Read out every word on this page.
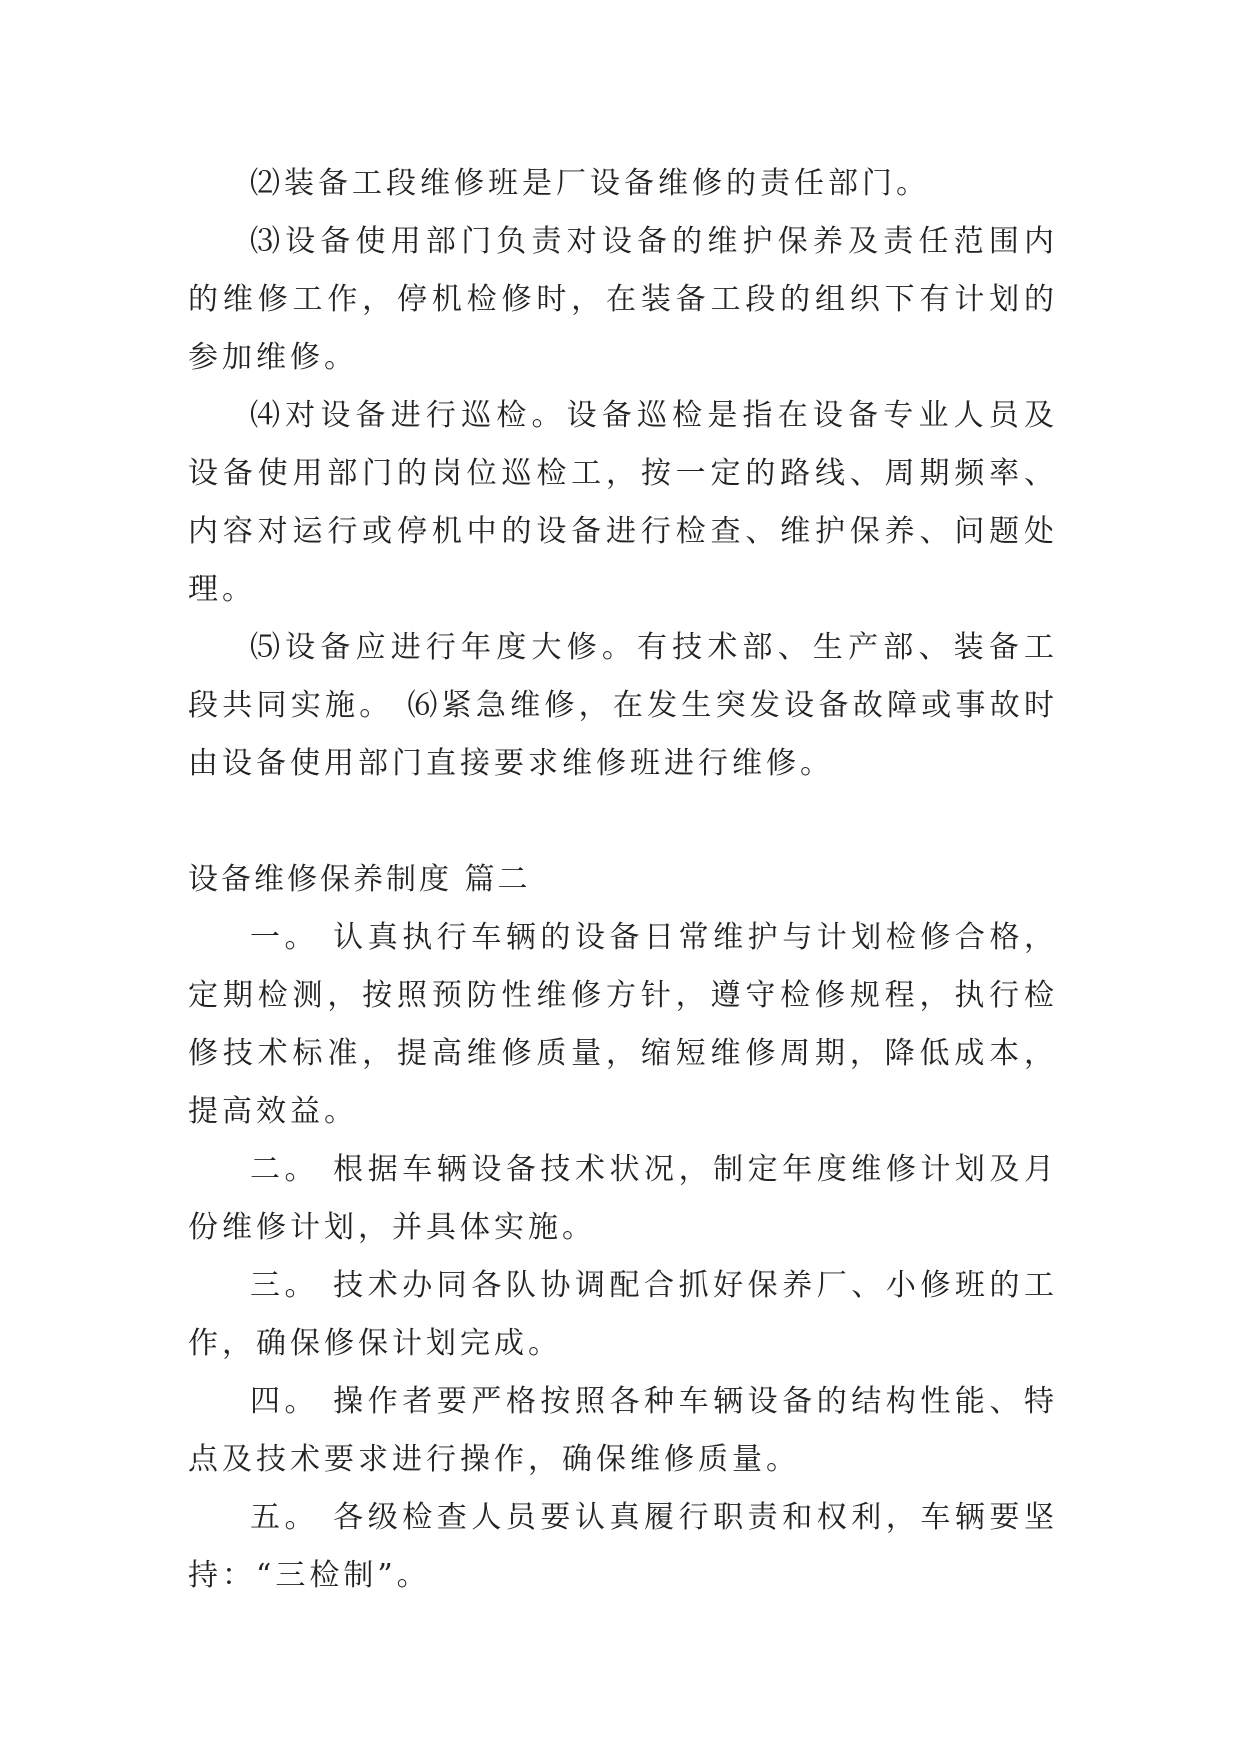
⑵装备工段维修班是厂设备维修的责任部门。

⑶设备使用部门负责对设备的维护保养及责任范围内的维修工作，停机检修时，在装备工段的组织下有计划的参加维修。

⑷对设备进行巡检。设备巡检是指在设备专业人员及设备使用部门的岗位巡检工，按一定的路线、周期频率、内容对运行或停机中的设备进行检查、维护保养、问题处理。

⑸设备应进行年度大修。有技术部、生产部、装备工段共同实施。 ⑹紧急维修，在发生突发设备故障或事故时由设备使用部门直接要求维修班进行维修。

设备维修保养制度 篇二

一。 认真执行车辆的设备日常维护与计划检修合格，定期检测，按照预防性维修方针，遵守检修规程，执行检修技术标准，提高维修质量，缩短维修周期，降低成本，提高效益。

二。 根据车辆设备技术状况，制定年度维修计划及月份维修计划，并具体实施。

三。 技术办同各队协调配合抓好保养厂、小修班的工作，确保修保计划完成。

四。 操作者要严格按照各种车辆设备的结构性能、特点及技术要求进行操作，确保维修质量。

五。 各级检查人员要认真履行职责和权利，车辆要坚持：“三检制”。
